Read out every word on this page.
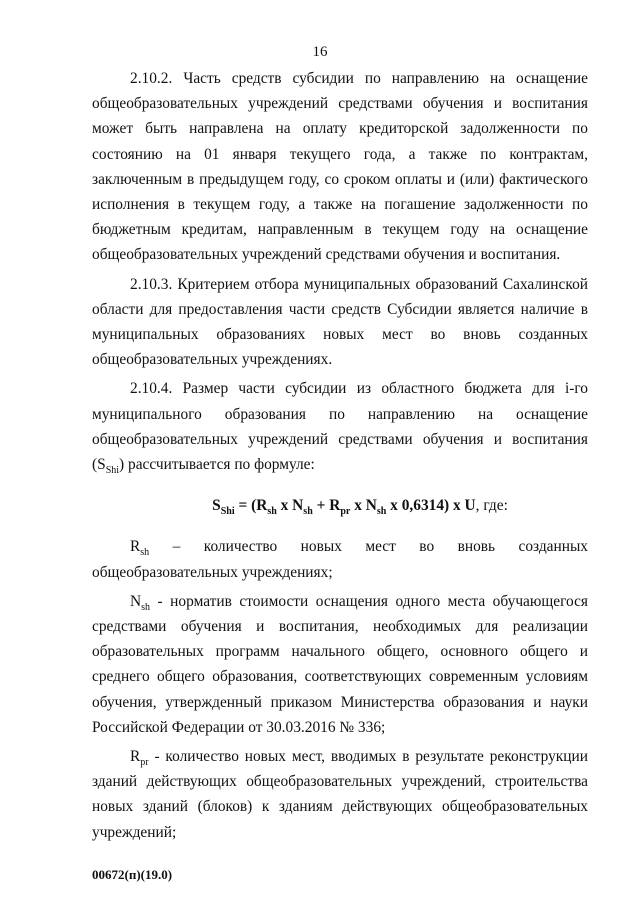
16

2.10.2. Часть средств субсидии по направлению на оснащение общеобразовательных учреждений средствами обучения и воспитания может быть направлена на оплату кредиторской задолженности по состоянию на 01 января текущего года, а также по контрактам, заключенным в предыдущем году, со сроком оплаты и (или) фактического исполнения в текущем году, а также на погашение задолженности по бюджетным кредитам, направленным в текущем году на оснащение общеобразовательных учреждений средствами обучения и воспитания.

2.10.3. Критерием отбора муниципальных образований Сахалинской области для предоставления части средств Субсидии является наличие в муниципальных образованиях новых мест во вновь созданных общеобразовательных учреждениях.

2.10.4. Размер части субсидии из областного бюджета для i-го муниципального образования по направлению на оснащение общеобразовательных учреждений средствами обучения и воспитания $(S_{Shi})$ рассчитывается по формуле:

$S_{Shi} = (R_{sh}$ x $N_{sh} + R_{pr}$ x $N_{sh}$ x 0,6314) x U, где:

$R_{sh}$ – количество новых мест во вновь созданных общеобразовательных учреждениях;

$N_{sh}$ - норматив стоимости оснащения одного места обучающегося средствами обучения и воспитания, необходимых для реализации образовательных программ начального общего, основного общего и среднего общего образования, соответствующих современным условиям обучения, утвержденный приказом Министерства образования и науки Российской Федерации от 30.03.2016 № 336;

$R_{pr}$ - количество новых мест, вводимых в результате реконструкции зданий действующих общеобразовательных учреждений, строительства новых зданий (блоков) к зданиям действующих общеобразовательных учреждений;

00672(п)(19.0)
